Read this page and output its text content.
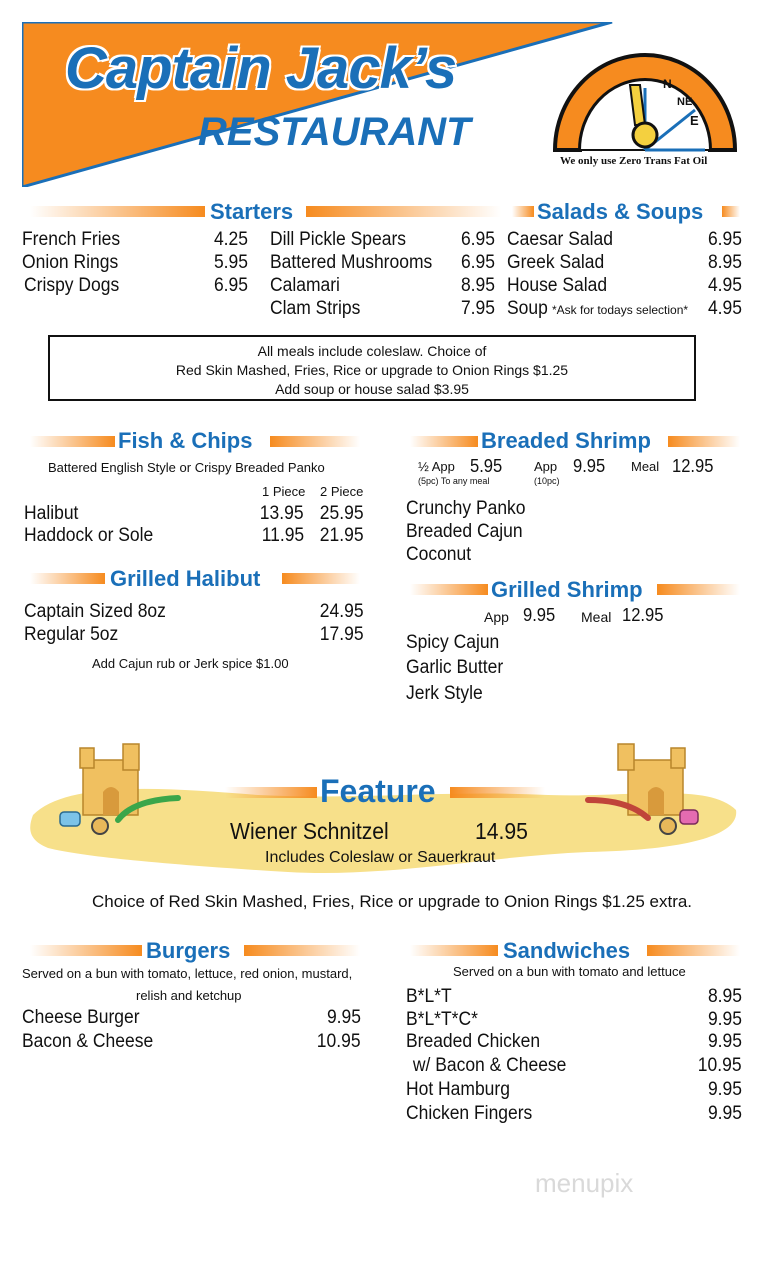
Captain Jack’s
RESTAURANT
N
NE
E
We only use Zero Trans Fat Oil
Starters
French Fries	4.25
Onion Rings	5.95
Crispy Dogs	6.95
Dill Pickle Spears	6.95
Battered Mushrooms 6.95
Calamari	8.95
Clam Strips	7.95
Salads & Soups
Caesar Salad	6.95
Greek Salad	8.95
House Salad	4.95
Soup *Ask for todays selection* 4.95
All meals include coleslaw. Choice of
Red Skin Mashed, Fries, Rice or upgrade to Onion Rings $1.25
Add soup or house salad $3.95
Fish & Chips
Battered English Style or Crispy Breaded Panko
1 Piece 2 Piece
Halibut	13.95 25.95
Haddock or Sole	11.95 21.95
Grilled Halibut
Captain Sized 8oz	24.95
Regular 5oz	17.95
Add Cajun rub or Jerk spice $1.00
Breaded Shrimp
½ App 5.95
(5pc) To any meal
App 9.95
(10pc)
Meal 12.95
Crunchy Panko
Breaded Cajun
Coconut
Grilled Shrimp
App 9.95 Meal 12.95
Spicy Cajun
Garlic Butter
Jerk Style
Feature
Wiener Schnitzel	14.95
Includes Coleslaw or Sauerkraut
Choice of Red Skin Mashed, Fries, Rice or upgrade to Onion Rings $1.25 extra.
Burgers
Served on a bun with tomato, lettuce, red onion, mustard,
relish and ketchup
Cheese Burger	9.95
Bacon & Cheese	10.95
Sandwiches
Served on a bun with tomato and lettuce
B*L*T	8.95
B*L*T*C*	9.95
Breaded Chicken	9.95
w/ Bacon & Cheese	10.95
Hot Hamburg	9.95
Chicken Fingers	9.95
menupix
